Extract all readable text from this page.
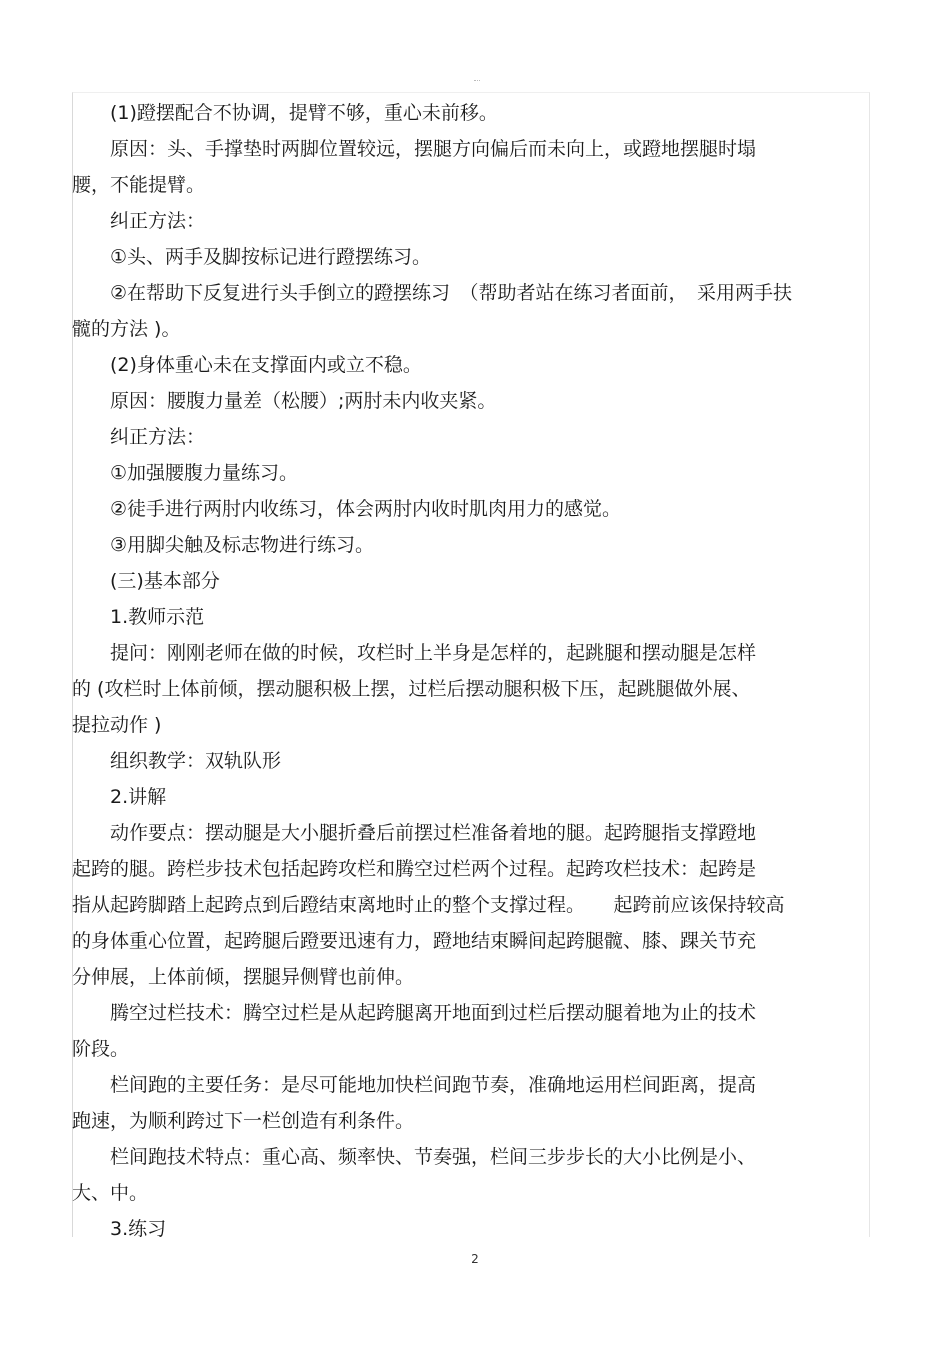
(1)蹬摆配合不协调，提臂不够，重心未前移。

原因：头、手撑垫时两脚位置较远，摆腿方向偏后而未向上，或蹬地摆腿时塌
腰，不能提臂。

纠正方法：

①头、两手及脚按标记进行蹬摆练习。

②在帮助下反复进行头手倒立的蹬摆练习　（帮助者站在练习者面前，　采用两手扶
髋的方法 )。

(2)身体重心未在支撑面内或立不稳。

原因：腰腹力量差（松腰）;两肘未内收夹紧。

纠正方法：

①加强腰腹力量练习。

②徒手进行两肘内收练习，体会两肘内收时肌肉用力的感觉。

③用脚尖触及标志物进行练习。

(三)基本部分

1.教师示范

提问：刚刚老师在做的时候，攻栏时上半身是怎样的，起跳腿和摆动腿是怎样
的 (攻栏时上体前倾，摆动腿积极上摆，过栏后摆动腿积极下压，起跳腿做外展、
提拉动作 )

组织教学：双轨队形

2.讲解

动作要点：摆动腿是大小腿折叠后前摆过栏准备着地的腿。起跨腿指支撑蹬地
起跨的腿。跨栏步技术包括起跨攻栏和腾空过栏两个过程。起跨攻栏技术：起跨是
指从起跨脚踏上起跨点到后蹬结束离地时止的整个支撑过程。　　起跨前应该保持较高
的身体重心位置，起跨腿后蹬要迅速有力，蹬地结束瞬间起跨腿髋、膝、踝关节充
分伸展，上体前倾，摆腿异侧臂也前伸。

腾空过栏技术：腾空过栏是从起跨腿离开地面到过栏后摆动腿着地为止的技术
阶段。

栏间跑的主要任务：是尽可能地加快栏间跑节奏，准确地运用栏间距离，提高
跑速，为顺利跨过下一栏创造有利条件。

栏间跑技术特点：重心高、频率快、节奏强，栏间三步步长的大小比例是小、
大、中。

3.练习

2
